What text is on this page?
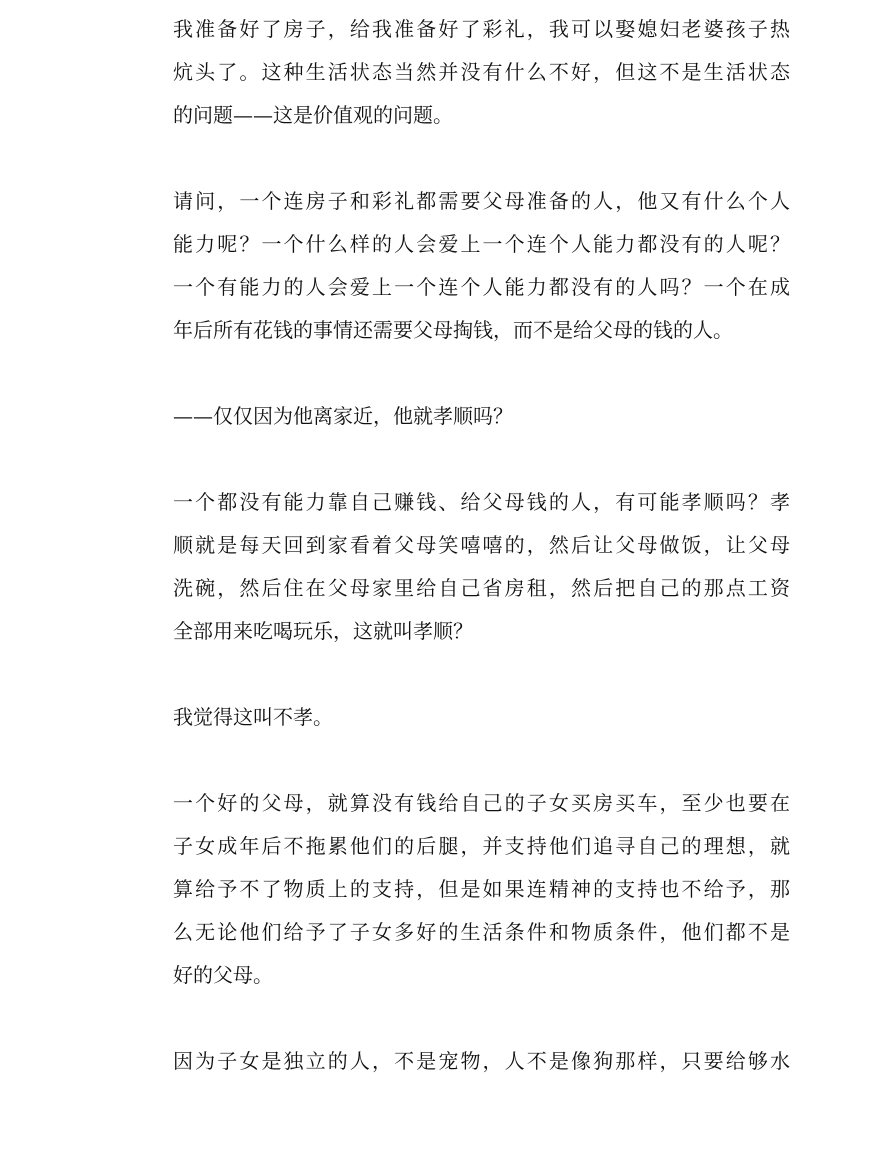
我准备好了房子，给我准备好了彩礼，我可以娶媳妇老婆孩子热
炕头了。这种生活状态当然并没有什么不好，但这不是生活状态
的问题——这是价值观的问题。

请问，一个连房子和彩礼都需要父母准备的人，他又有什么个人
能力呢？一个什么样的人会爱上一个连个人能力都没有的人呢？
一个有能力的人会爱上一个连个人能力都没有的人吗？一个在成
年后所有花钱的事情还需要父母掏钱，而不是给父母的钱的人。

——仅仅因为他离家近，他就孝顺吗？

一个都没有能力靠自己赚钱、给父母钱的人，有可能孝顺吗？孝
顺就是每天回到家看着父母笑嘻嘻的，然后让父母做饭，让父母
洗碗，然后住在父母家里给自己省房租，然后把自己的那点工资
全部用来吃喝玩乐，这就叫孝顺？

我觉得这叫不孝。

一个好的父母，就算没有钱给自己的子女买房买车，至少也要在
子女成年后不拖累他们的后腿，并支持他们追寻自己的理想，就
算给予不了物质上的支持，但是如果连精神的支持也不给予，那
么无论他们给予了子女多好的生活条件和物质条件，他们都不是
好的父母。

因为子女是独立的人，不是宠物，人不是像狗那样，只要给够水
